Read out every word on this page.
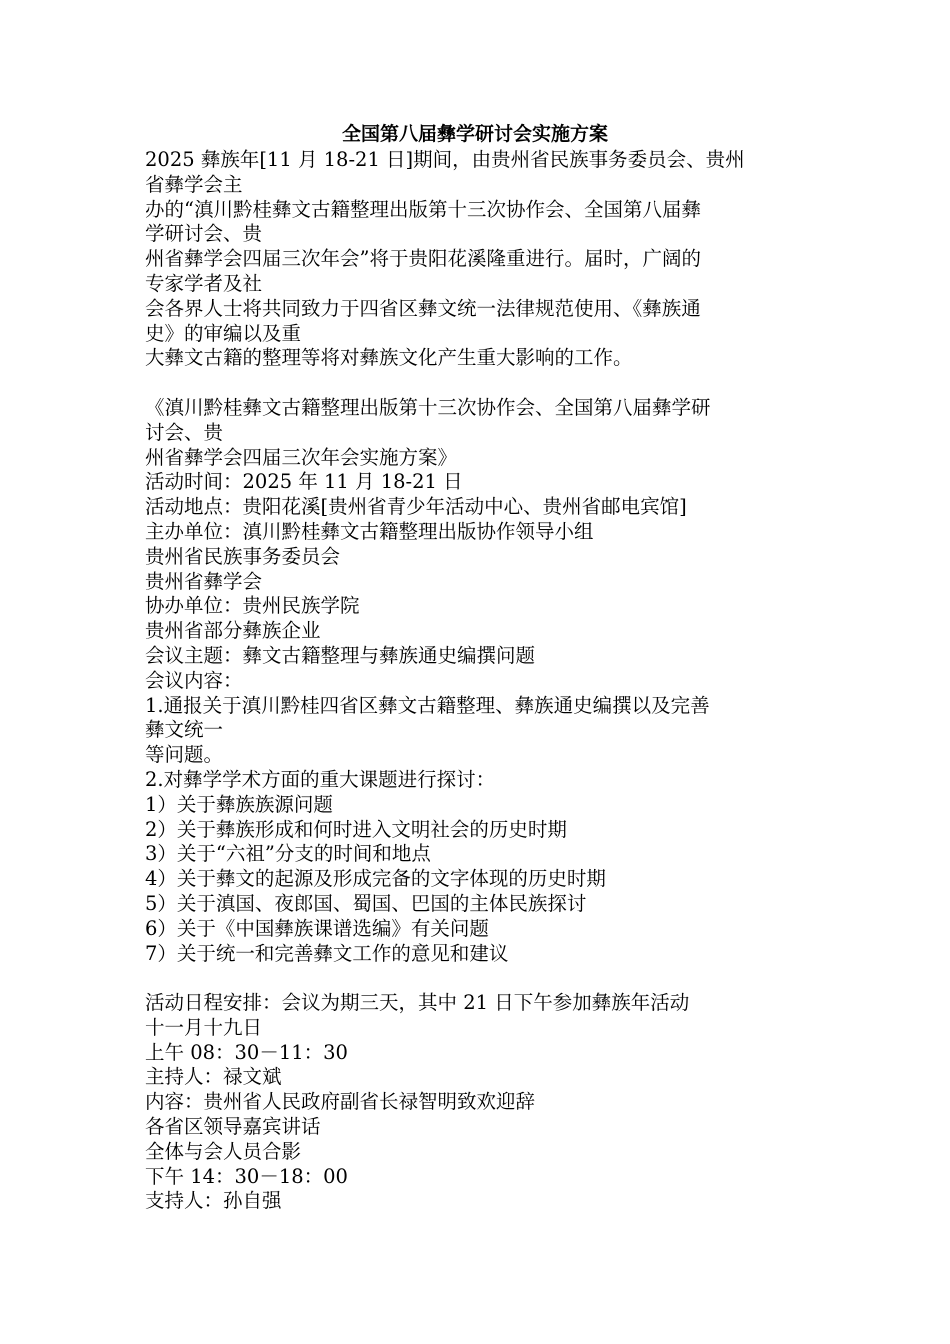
全国第八届彝学研讨会实施方案
2025 彝族年[11 月 18-21 日]期间，由贵州省民族事务委员会、贵州
省彝学会主
办的“滇川黔桂彝文古籍整理出版第十三次协作会、全国第八届彝
学研讨会、贵
州省彝学会四届三次年会”将于贵阳花溪隆重进行。届时，广阔的
专家学者及社
会各界人士将共同致力于四省区彝文统一法律规范使用、《彝族通
史》的审编以及重
大彝文古籍的整理等将对彝族文化产生重大影响的工作。
《滇川黔桂彝文古籍整理出版第十三次协作会、全国第八届彝学研
讨会、贵
州省彝学会四届三次年会实施方案》
活动时间：2025 年 11 月 18-21 日
活动地点：贵阳花溪[贵州省青少年活动中心、贵州省邮电宾馆]
主办单位：滇川黔桂彝文古籍整理出版协作领导小组
贵州省民族事务委员会
贵州省彝学会
协办单位：贵州民族学院
贵州省部分彝族企业
会议主题：彝文古籍整理与彝族通史编撰问题
会议内容：
1.通报关于滇川黔桂四省区彝文古籍整理、彝族通史编撰以及完善
彝文统一
等问题。
2.对彝学学术方面的重大课题进行探讨：
1）关于彝族族源问题
2）关于彝族形成和何时进入文明社会的历史时期
3）关于“六祖”分支的时间和地点
4）关于彝文的起源及形成完备的文字体现的历史时期
5）关于滇国、夜郎国、蜀国、巴国的主体民族探讨
6）关于《中国彝族课谱选编》有关问题
7）关于统一和完善彝文工作的意见和建议
活动日程安排：会议为期三天，其中 21 日下午参加彝族年活动
十一月十九日
上午 08：30－11：30
主持人：禄文斌
内容：贵州省人民政府副省长禄智明致欢迎辞
各省区领导嘉宾讲话
全体与会人员合影
下午 14：30－18：00
支持人：孙自强
